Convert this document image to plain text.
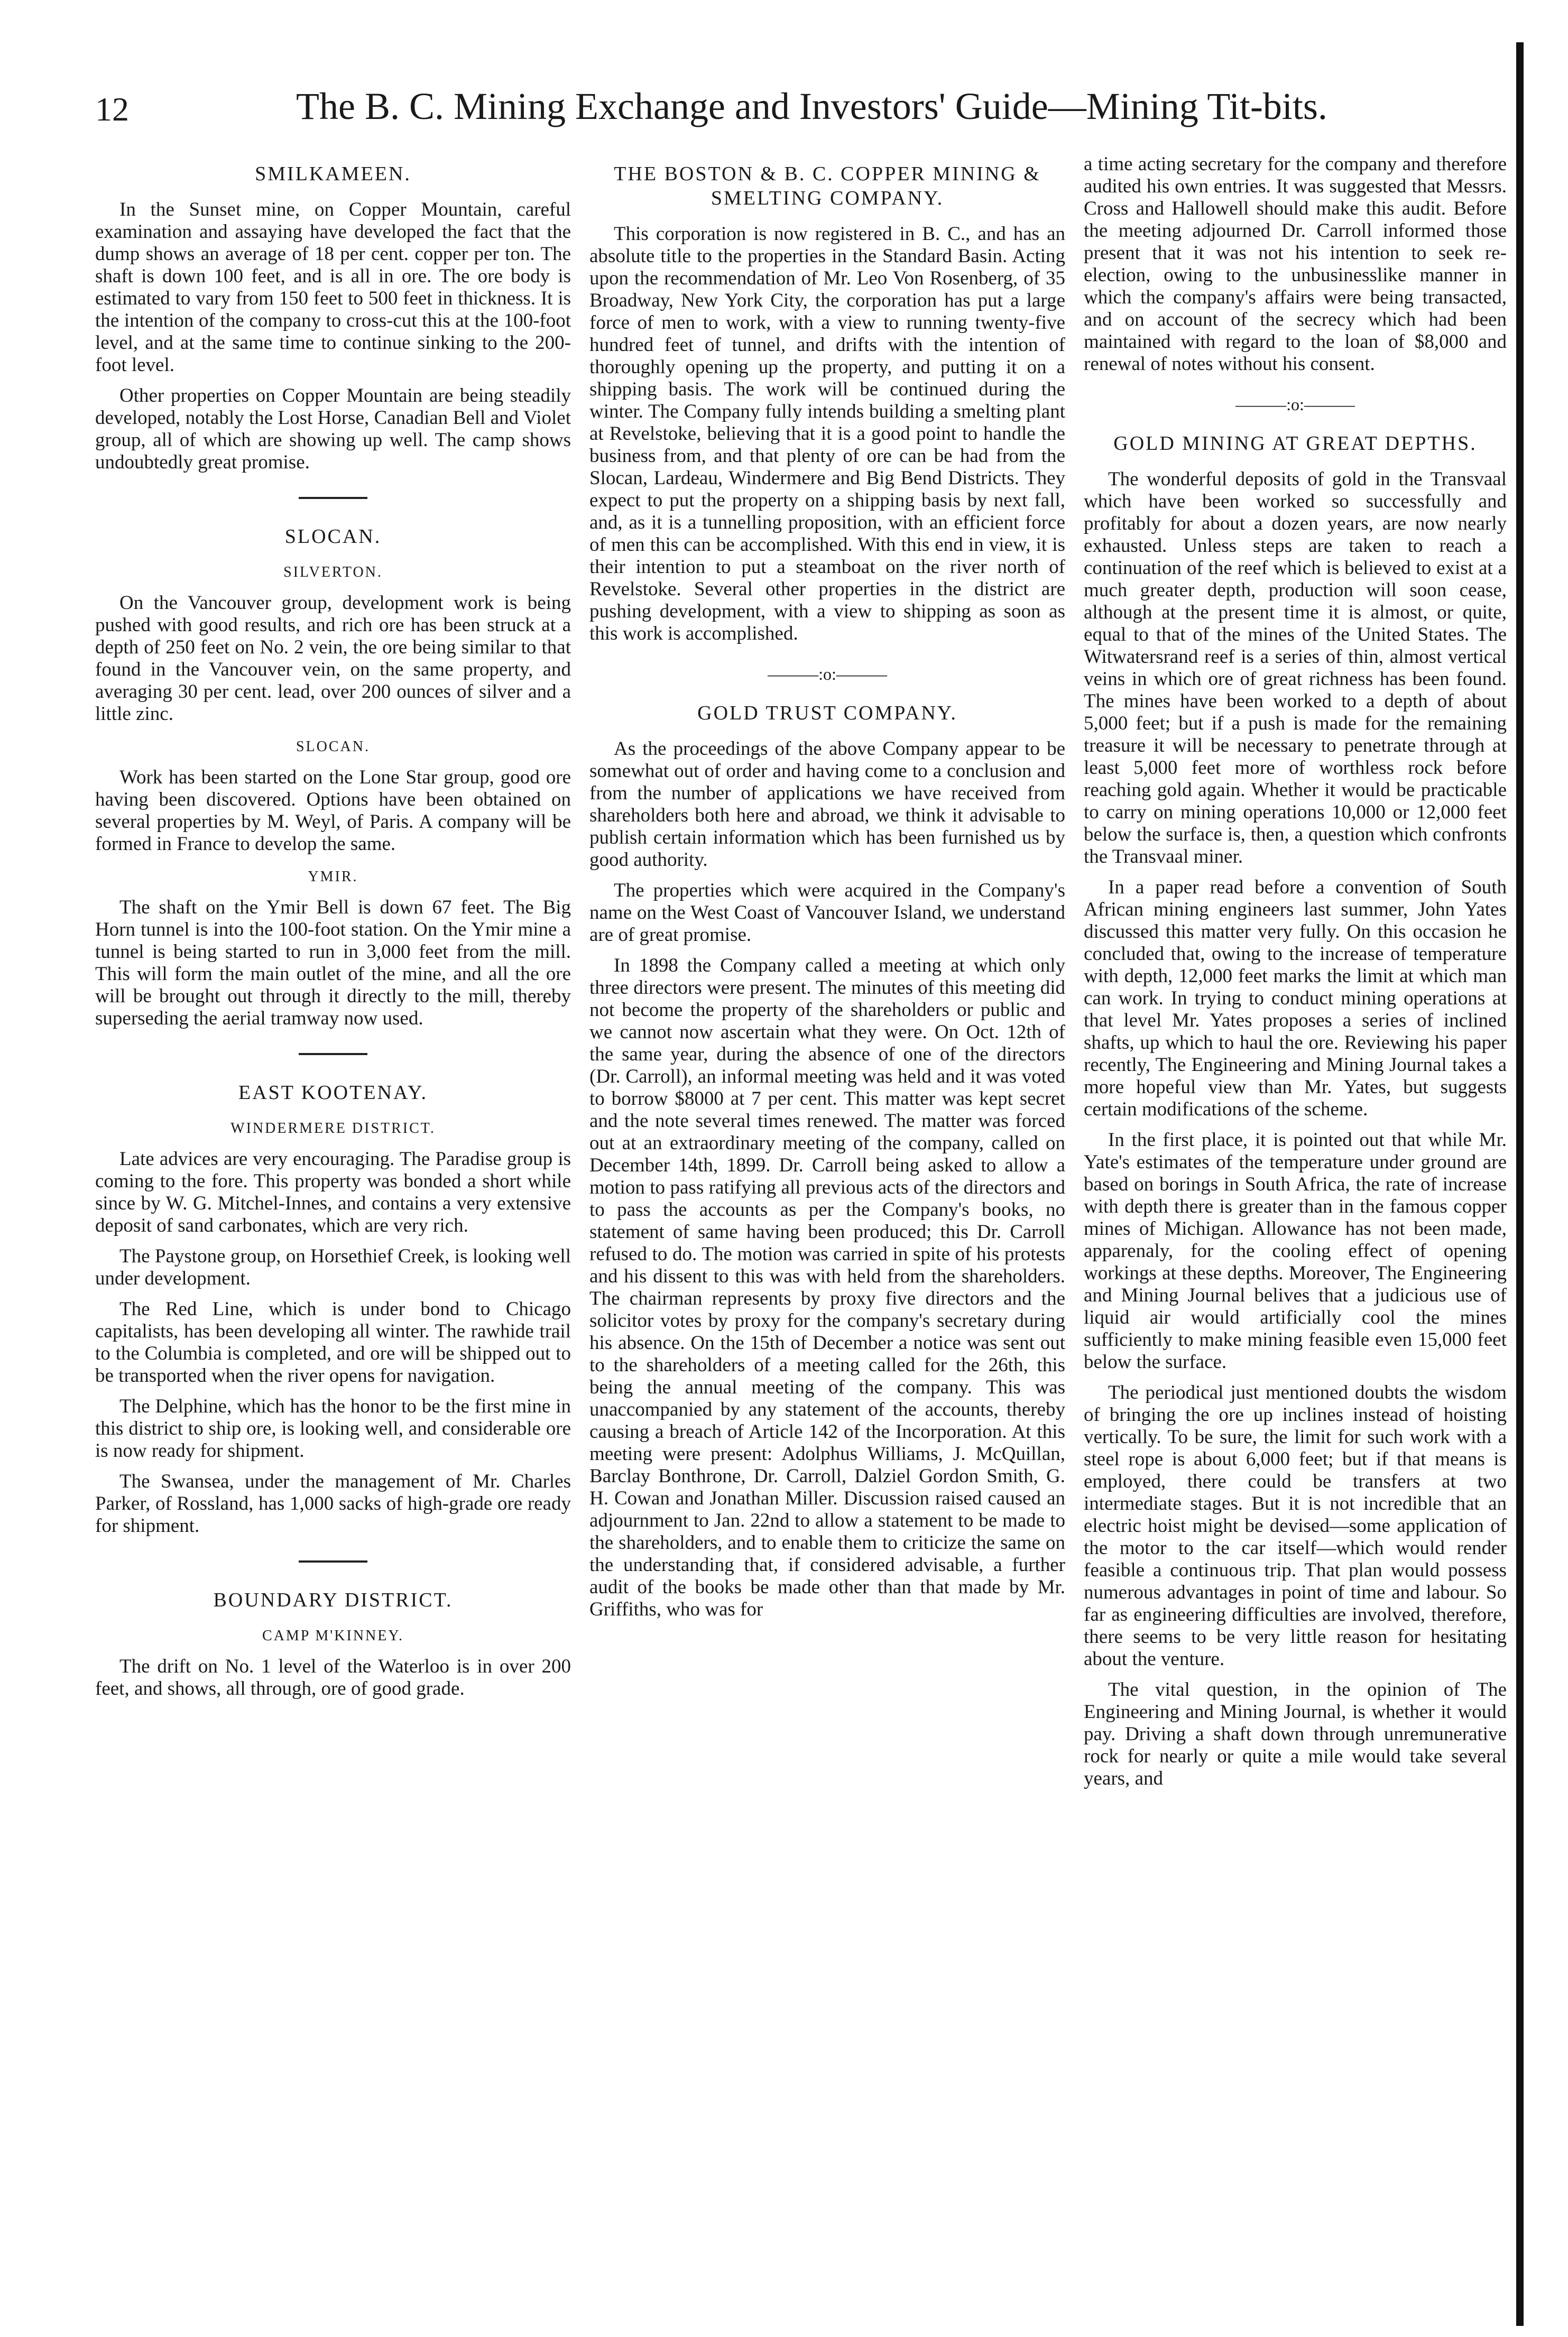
12	The B. C. Mining Exchange and Investors' Guide—Mining Tit-bits.
SMILKAMEEN.

In the Sunset mine, on Copper Mountain, careful examination and assaying have developed the fact that the dump shows an average of 18 per cent. copper per ton. The shaft is down 100 feet, and is all in ore. The ore body is estimated to vary from 150 feet to 500 feet in thickness. It is the intention of the company to cross-cut this at the 100-foot level, and at the same time to continue sinking to the 200-foot level.

Other properties on Copper Mountain are being steadily developed, notably the Lost Horse, Canadian Bell and Violet group, all of which are showing up well. The camp shows undoubtedly great promise.

SLOCAN.
SILVERTON.

On the Vancouver group, development work is being pushed with good results, and rich ore has been struck at a depth of 250 feet on No. 2 vein, the ore being similar to that found in the Vancouver vein, on the same property, and averaging 30 per cent. lead, over 200 ounces of silver and a little zinc.

SLOCAN.

Work has been started on the Lone Star group, good ore having been discovered. Options have been obtained on several properties by M. Weyl, of Paris. A company will be formed in France to develop the same.

YMIR.

The shaft on the Ymir Bell is down 67 feet. The Big Horn tunnel is into the 100-foot station. On the Ymir mine a tunnel is being started to run in 3,000 feet from the mill. This will form the main outlet of the mine, and all the ore will be brought out through it directly to the mill, thereby superseding the aerial tramway now used.

EAST KOOTENAY.
WINDERMERE DISTRICT.

Late advices are very encouraging. The Paradise group is coming to the fore. This property was bonded a short while since by W. G. Mitchel-Innes, and contains a very extensive deposit of sand carbonates, which are very rich.

The Paystone group, on Horsethief Creek, is looking well under development.

The Red Line, which is under bond to Chicago capitalists, has been developing all winter. The rawhide trail to the Columbia is completed, and ore will be shipped out to be transported when the river opens for navigation.

The Delphine, which has the honor to be the first mine in this district to ship ore, is looking well, and considerable ore is now ready for shipment.

The Swansea, under the management of Mr. Charles Parker, of Rossland, has 1,000 sacks of high-grade ore ready for shipment.

BOUNDARY DISTRICT.
CAMP M'KINNEY.

The drift on No. 1 level of the Waterloo is in over 200 feet, and shows, all through, ore of good grade.

THE BOSTON & B. C. COPPER MINING & SMELTING COMPANY.

This corporation is now registered in B. C., and has an absolute title to the properties in the Standard Basin. Acting upon the recommendation of Mr. Leo Von Rosenberg, of 35 Broadway, New York City, the corporation has put a large force of men to work, with a view to running twenty-five hundred feet of tunnel, and drifts with the intention of thoroughly opening up the property, and putting it on a shipping basis. The work will be continued during the winter. The Company fully intends building a smelting plant at Revelstoke, believing that it is a good point to handle the business from, and that plenty of ore can be had from the Slocan, Lardeau, Windermere and Big Bend Districts. They expect to put the property on a shipping basis by next fall, and, as it is a tunnelling proposition, with an efficient force of men this can be accomplished. With this end in view, it is their intention to put a steamboat on the river north of Revelstoke. Several other properties in the district are pushing development, with a view to shipping as soon as this work is accomplished.

———:o:———
GOLD TRUST COMPANY.

As the proceedings of the above Company appear to be somewhat out of order and having come to a conclusion and from the number of applications we have received from shareholders both here and abroad, we think it advisable to publish certain information which has been furnished us by good authority.

The properties which were acquired in the Company's name on the West Coast of Vancouver Island, we understand are of great promise.

In 1898 the Company called a meeting at which only three directors were present. The minutes of this meeting did not become the property of the shareholders or public and we cannot now ascertain what they were. On Oct. 12th of the same year, during the absence of one of the directors (Dr. Carroll), an informal meeting was held and it was voted to borrow $8000 at 7 per cent. This matter was kept secret and the note several times renewed. The matter was forced out at an extraordinary meeting of the company, called on December 14th, 1899. Dr. Carroll being asked to allow a motion to pass ratifying all previous acts of the directors and to pass the accounts as per the Company's books, no statement of same having been produced; this Dr. Carroll refused to do. The motion was carried in spite of his protests and his dissent to this was with held from the shareholders. The chairman represents by proxy five directors and the solicitor votes by proxy for the company's secretary during his absence. On the 15th of December a notice was sent out to the shareholders of a meeting called for the 26th, this being the annual meeting of the company. This was unaccompanied by any statement of the accounts, thereby causing a breach of Article 142 of the Incorporation. At this meeting were present: Adolphus Williams, J. McQuillan, Barclay Bonthrone, Dr. Carroll, Dalziel Gordon Smith, G. H. Cowan and Jonathan Miller. Discussion raised caused an adjournment to Jan. 22nd to allow a statement to be made to the shareholders, and to enable them to criticize the same on the understanding that, if considered advisable, a further audit of the books be made other than that made by Mr. Griffiths, who was for

a time acting secretary for the company and therefore audited his own entries. It was suggested that Messrs. Cross and Hallowell should make this audit. Before the meeting adjourned Dr. Carroll informed those present that it was not his intention to seek re-election, owing to the unbusinesslike manner in which the company's affairs were being transacted, and on account of the secrecy which had been maintained with regard to the loan of $8,000 and renewal of notes without his consent.

———:o:———
GOLD MINING AT GREAT DEPTHS.

The wonderful deposits of gold in the Transvaal which have been worked so successfully and profitably for about a dozen years, are now nearly exhausted. Unless steps are taken to reach a continuation of the reef which is believed to exist at a much greater depth, production will soon cease, although at the present time it is almost, or quite, equal to that of the mines of the United States. The Witwatersrand reef is a series of thin, almost vertical veins in which ore of great richness has been found. The mines have been worked to a depth of about 5,000 feet; but if a push is made for the remaining treasure it will be necessary to penetrate through at least 5,000 feet more of worthless rock before reaching gold again. Whether it would be practicable to carry on mining operations 10,000 or 12,000 feet below the surface is, then, a question which confronts the Transvaal miner.

In a paper read before a convention of South African mining engineers last summer, John Yates discussed this matter very fully. On this occasion he concluded that, owing to the increase of temperature with depth, 12,000 feet marks the limit at which man can work. In trying to conduct mining operations at that level Mr. Yates proposes a series of inclined shafts, up which to haul the ore. Reviewing his paper recently, The Engineering and Mining Journal takes a more hopeful view than Mr. Yates, but suggests certain modifications of the scheme.

In the first place, it is pointed out that while Mr. Yate's estimates of the temperature under ground are based on borings in South Africa, the rate of increase with depth there is greater than in the famous copper mines of Michigan. Allowance has not been made, apparenaly, for the cooling effect of opening workings at these depths. Moreover, The Engineering and Mining Journal belives that a judicious use of liquid air would artificially cool the mines sufficiently to make mining feasible even 15,000 feet below the surface.

The periodical just mentioned doubts the wisdom of bringing the ore up inclines instead of hoisting vertically. To be sure, the limit for such work with a steel rope is about 6,000 feet; but if that means is employed, there could be transfers at two intermediate stages. But it is not incredible that an electric hoist might be devised—some application of the motor to the car itself—which would render feasible a continuous trip. That plan would possess numerous advantages in point of time and labour. So far as engineering difficulties are involved, therefore, there seems to be very little reason for hesitating about the venture.

The vital question, in the opinion of The Engineering and Mining Journal, is whether it would pay. Driving a shaft down through unremunerative rock for nearly or quite a mile would take several years, and
